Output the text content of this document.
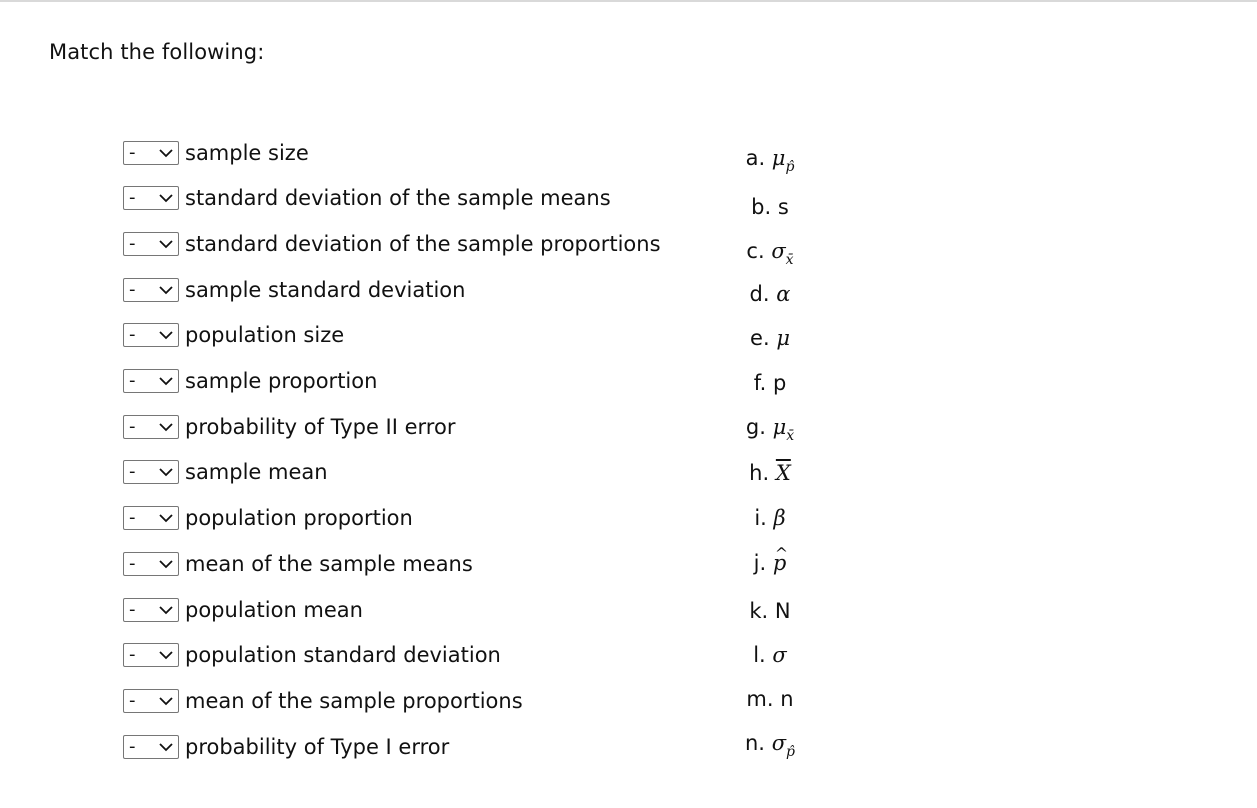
Match the following:
- sample size
- standard deviation of the sample means
- standard deviation of the sample proportions
- sample standard deviation
- population size
- sample proportion
- probability of Type II error
- sample mean
- population proportion
- mean of the sample means
- population mean
- population standard deviation
- mean of the sample proportions
- probability of Type I error
a. $\mu_{p̂}$
b. s
c. $\sigma_{x̄}$
d. α
e. μ
f. p
g. $\mu_{x̄}$
h. $\overline{X}$
i. β
j. p ^
k. N
l. σ
m. n
n. $\sigma_{p̂}$
